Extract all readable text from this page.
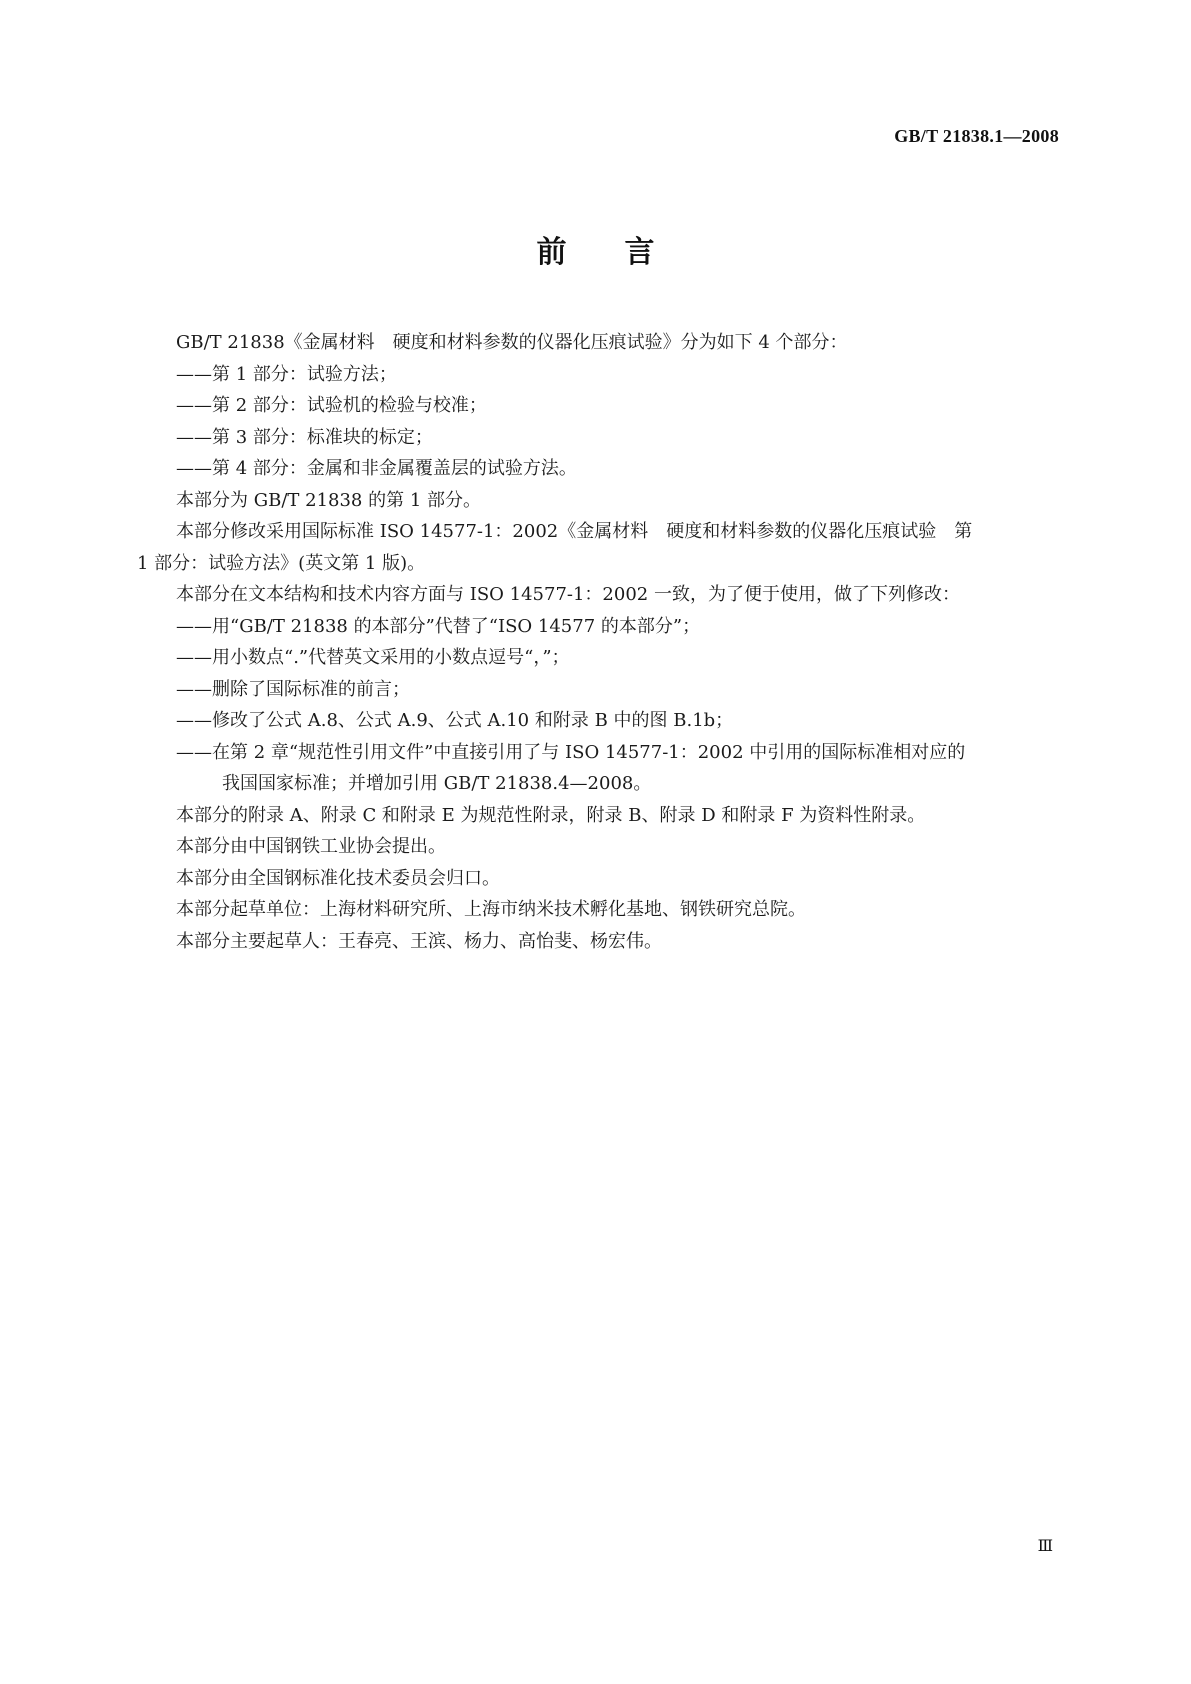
GB/T 21838.1—2008
前 言
GB/T 21838《金属材料　硬度和材料参数的仪器化压痕试验》分为如下 4 个部分：
——第 1 部分：试验方法；
——第 2 部分：试验机的检验与校准；
——第 3 部分：标准块的标定；
——第 4 部分：金属和非金属覆盖层的试验方法。
本部分为 GB/T 21838 的第 1 部分。
本部分修改采用国际标准 ISO 14577-1：2002《金属材料　硬度和材料参数的仪器化压痕试验　第
1 部分：试验方法》(英文第 1 版)。
本部分在文本结构和技术内容方面与 ISO 14577-1：2002 一致，为了便于使用，做了下列修改：
——用“GB/T 21838 的本部分”代替了“ISO 14577 的本部分”；
——用小数点“.”代替英文采用的小数点逗号“，”；
——删除了国际标准的前言；
——修改了公式 A.8、公式 A.9、公式 A.10 和附录 B 中的图 B.1b；
——在第 2 章“规范性引用文件”中直接引用了与 ISO 14577-1：2002 中引用的国际标准相对应的
我国国家标准；并增加引用 GB/T 21838.4—2008。
本部分的附录 A、附录 C 和附录 E 为规范性附录，附录 B、附录 D 和附录 F 为资料性附录。
本部分由中国钢铁工业协会提出。
本部分由全国钢标准化技术委员会归口。
本部分起草单位：上海材料研究所、上海市纳米技术孵化基地、钢铁研究总院。
本部分主要起草人：王春亮、王滨、杨力、高怡斐、杨宏伟。
Ⅲ
